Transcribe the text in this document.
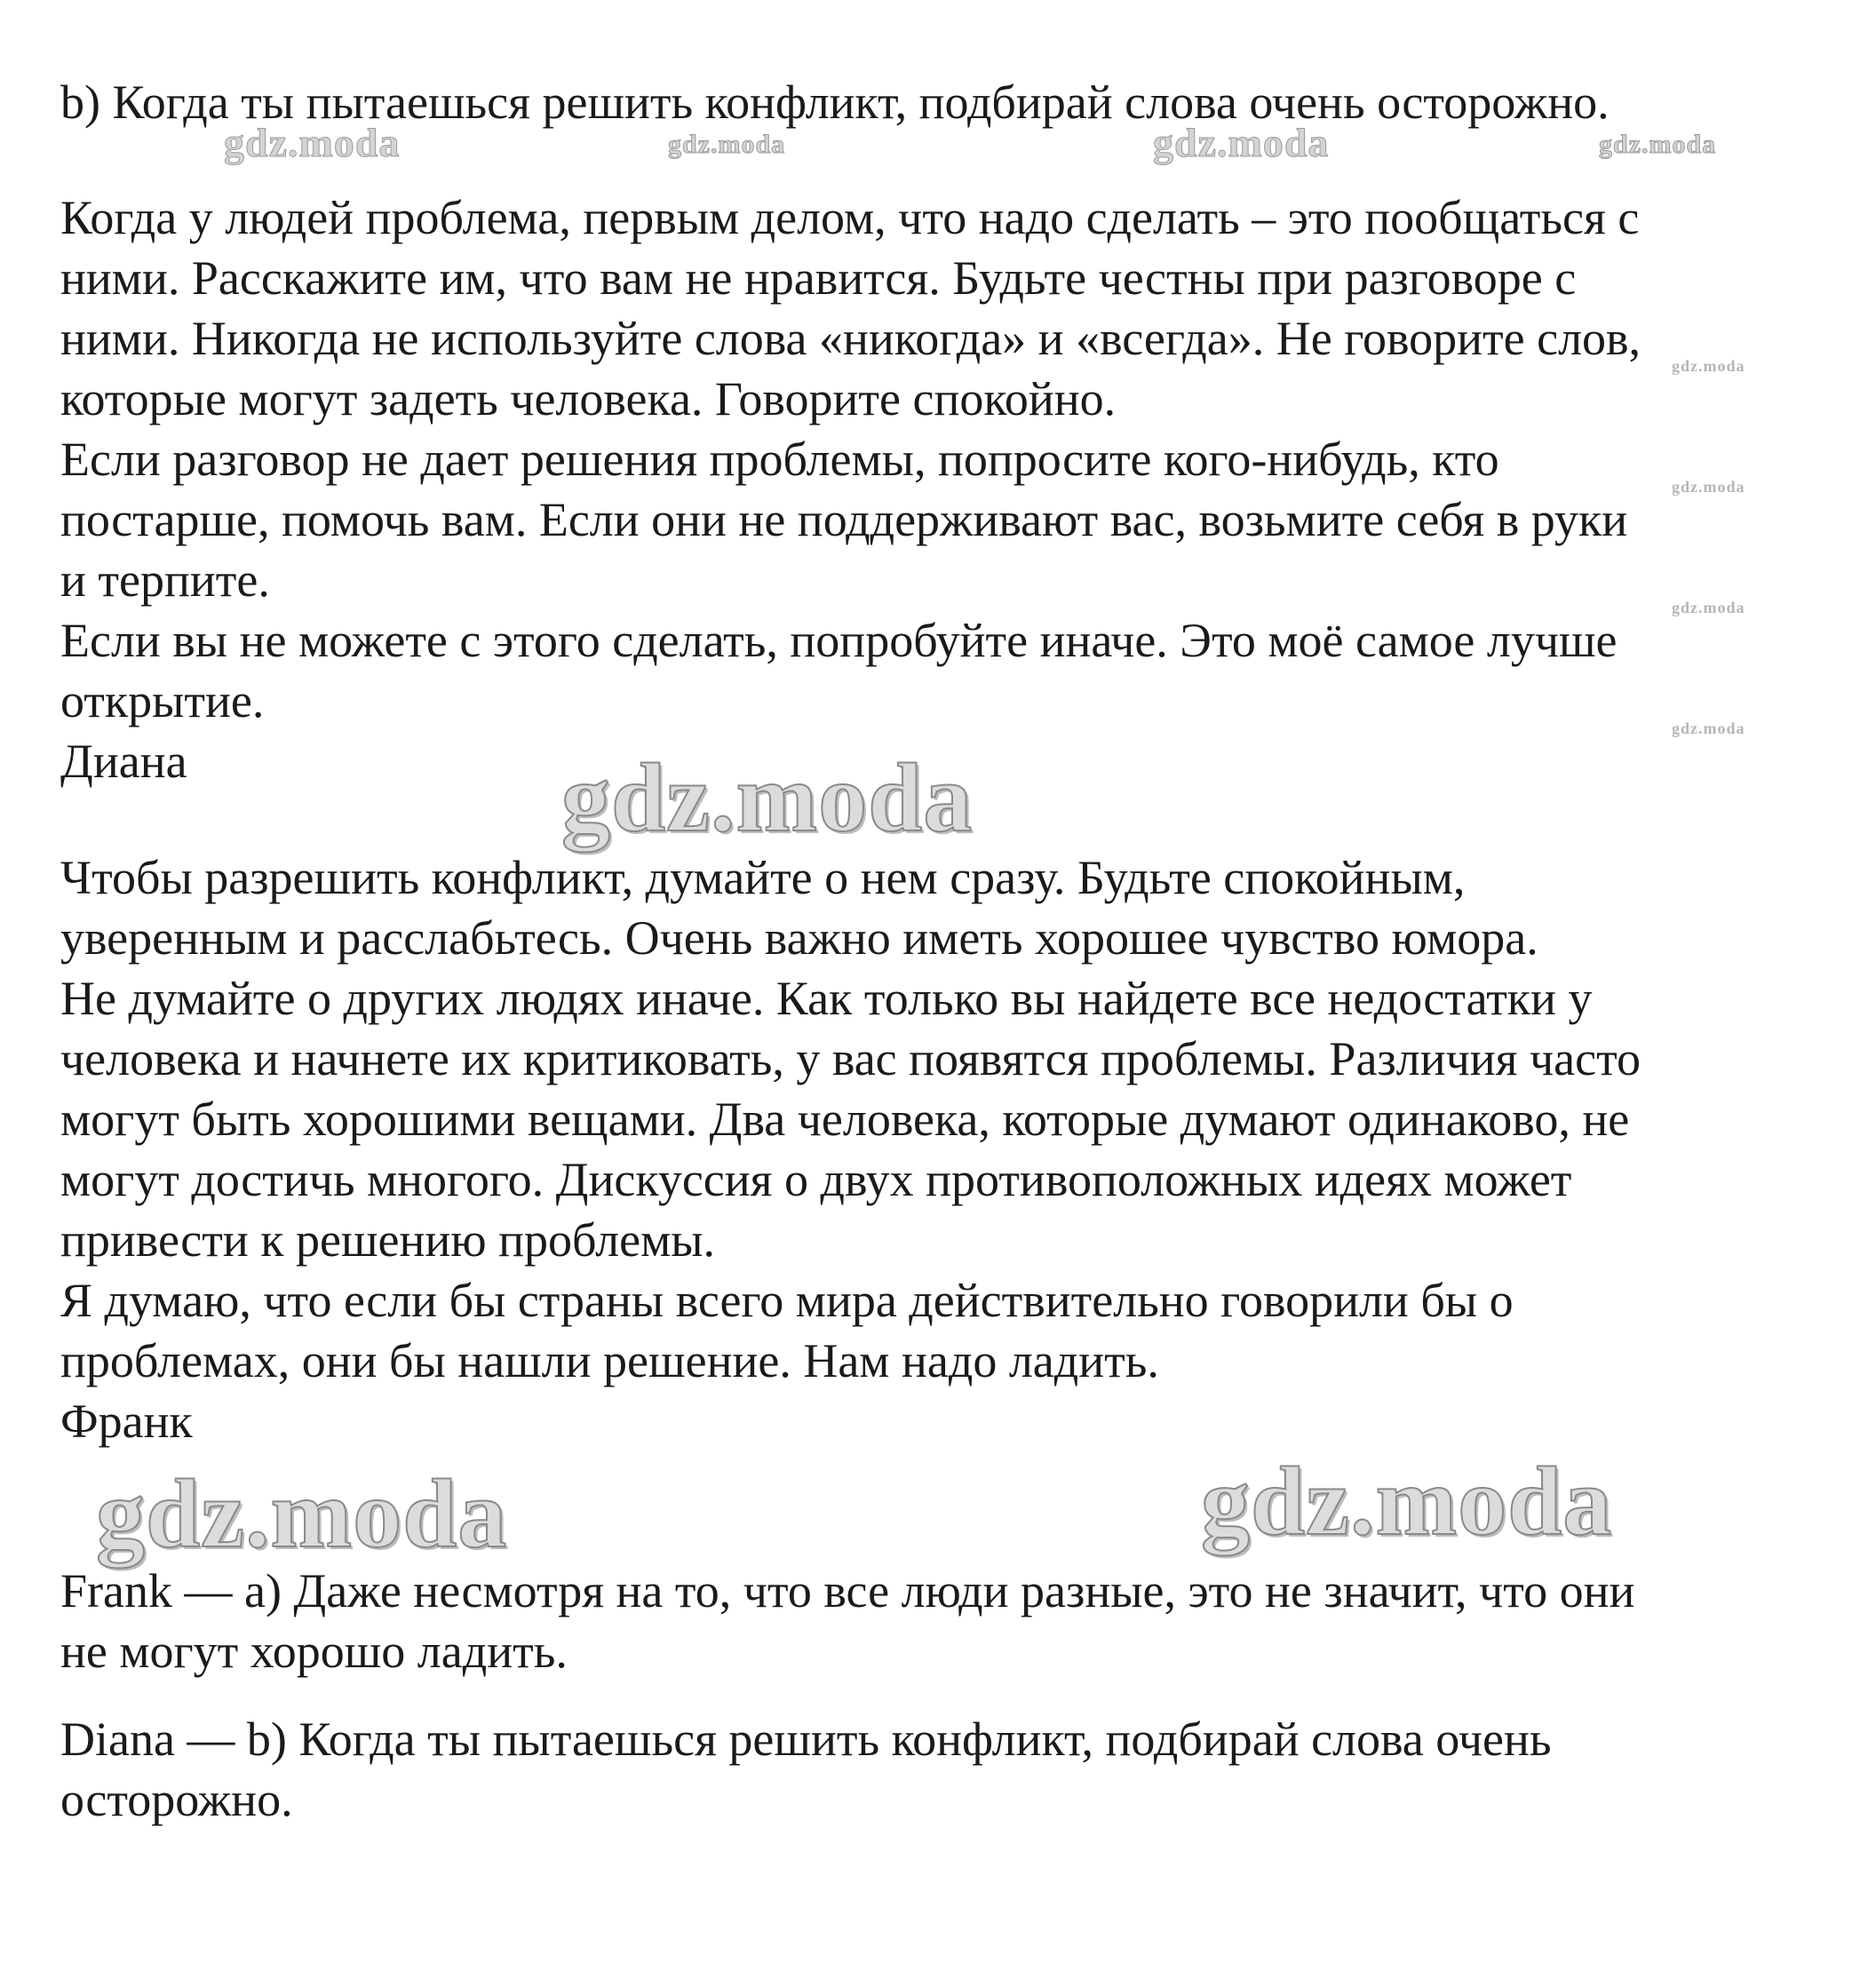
b) Когда ты пытаешься решить конфликт, подбирай слова очень осторожно.
Когда у людей проблема, первым делом, что надо сделать – это пообщаться с
ними. Расскажите им, что вам не нравится. Будьте честны при разговоре с
ними. Никогда не используйте слова «никогда» и «всегда». Не говорите слов,
которые могут задеть человека. Говорите спокойно.
Если разговор не дает решения проблемы, попросите кого-нибудь, кто
постарше, помочь вам. Если они не поддерживают вас, возьмите себя в руки
и терпите.
Если вы не можете с этого сделать, попробуйте иначе. Это моё самое лучше
открытие.
Диана
Чтобы разрешить конфликт, думайте о нем сразу. Будьте спокойным,
уверенным и расслабьтесь. Очень важно иметь хорошее чувство юмора.
Не думайте о других людях иначе. Как только вы найдете все недостатки у
человека и начнете их критиковать, у вас появятся проблемы. Различия часто
могут быть хорошими вещами. Два человека, которые думают одинаково, не
могут достичь многого. Дискуссия о двух противоположных идеях может
привести к решению проблемы.
Я думаю, что если бы страны всего мира действительно говорили бы о
проблемах, они бы нашли решение. Нам надо ладить.
Франк
Frank — a) Даже несмотря на то, что все люди разные, это не значит, что они
не могут хорошо ладить.
Diana — b) Когда ты пытаешься решить конфликт, подбирай слова очень
осторожно.
gdz.moda	gdz.moda	gdz.moda	gdz.moda
gdz.moda
gdz.moda
gdz.moda
gdz.moda
gdz.moda
gdz.moda	gdz.moda
